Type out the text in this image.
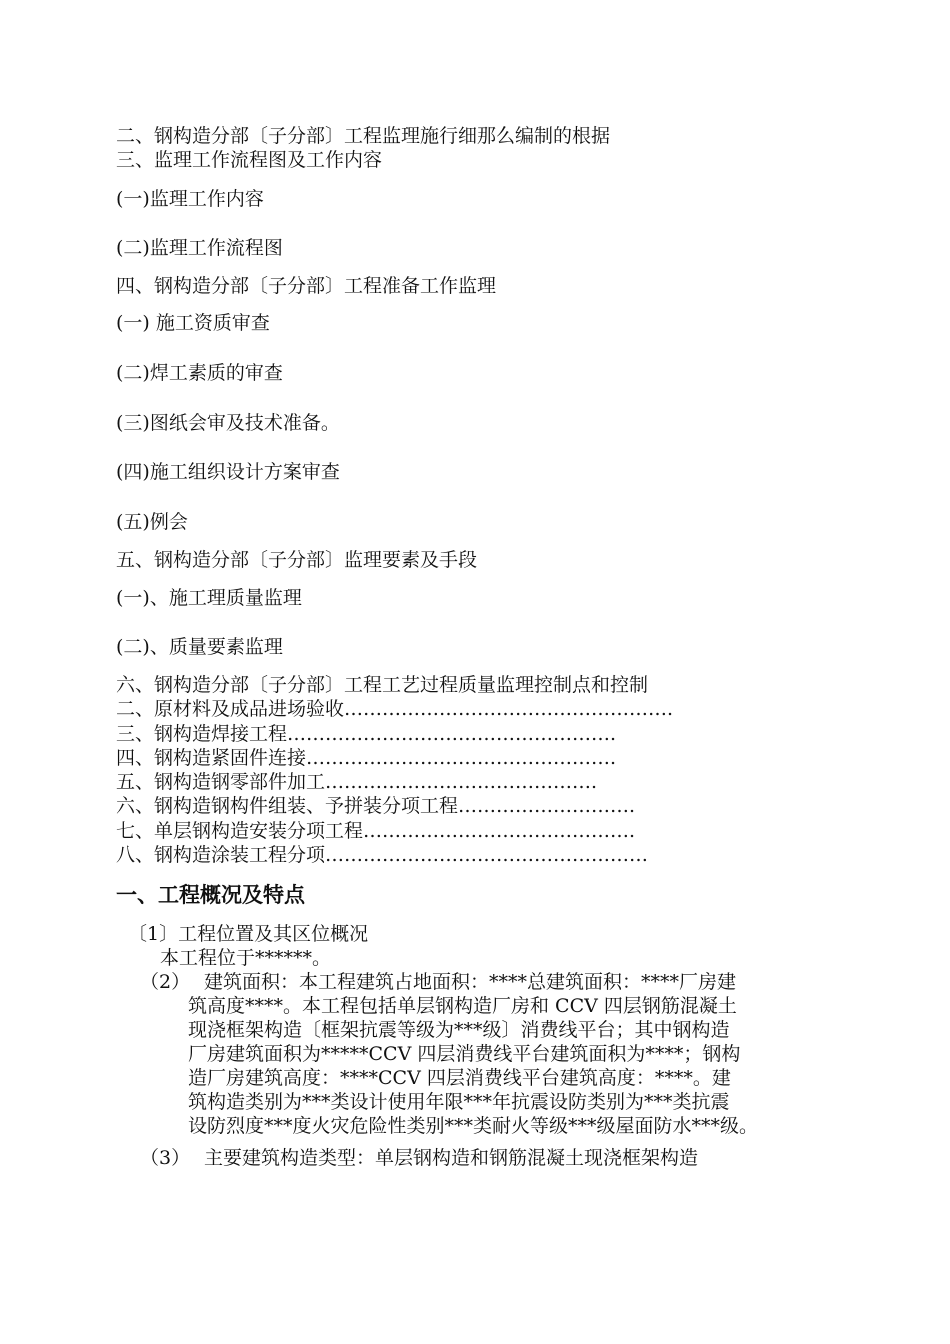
二、钢构造分部〔子分部〕工程监理施行细那么编制的根据
三、监理工作流程图及工作内容
(一)监理工作内容
(二)监理工作流程图
四、钢构造分部〔子分部〕工程准备工作监理
(一) 施工资质审查
(二)焊工素质的审查
(三)图纸会审及技术准备。
(四)施工组织设计方案审查
(五)例会
五、钢构造分部〔子分部〕监理要素及手段
(一)、施工理质量监理
(二)、质量要素监理
六、钢构造分部〔子分部〕工程工艺过程质量监理控制点和控制
二、原材料及成品进场验收…………………………………………….
三、钢构造焊接工程…………………………………………….
四、钢构造紧固件连接………………………………………….
五、钢构造钢零部件加工…………………………………….
六、钢构造钢构件组装、予拼装分项工程……………………….
七、单层钢构造安装分项工程…………………………………….
八、钢构造涂装工程分项……………………………………………
一、工程概况及特点
〔1〕工程位置及其区位概况
本工程位于******。
（2） 建筑面积：本工程建筑占地面积：****总建筑面积：****厂房建
筑高度****。本工程包括单层钢构造厂房和 CCV 四层钢筋混凝土
现浇框架构造〔框架抗震等级为***级〕消费线平台；其中钢构造
厂房建筑面积为*****CCV 四层消费线平台建筑面积为****；钢构
造厂房建筑高度：****CCV 四层消费线平台建筑高度：****。建
筑构造类别为***类设计使用年限***年抗震设防类别为***类抗震
设防烈度***度火灾危险性类别***类耐火等级***级屋面防水***级。
（3） 主要建筑构造类型：单层钢构造和钢筋混凝土现浇框架构造
